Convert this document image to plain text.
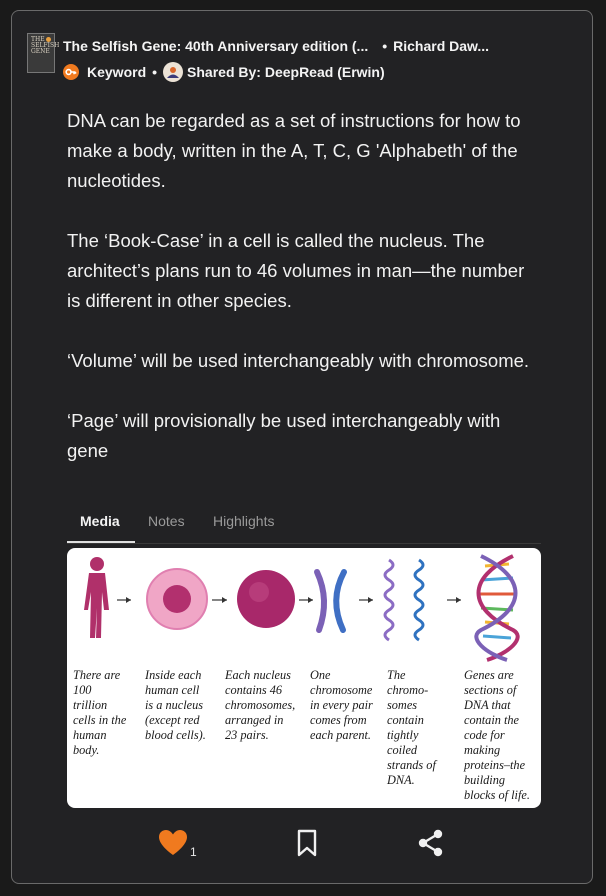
THE SELFISH GENE The Selfish Gene: 40th Anniversary edition (... • Richard Daw...
Keyword • Shared By: DeepRead (Erwin)

DNA can be regarded as a set of instructions for how to make a body, written in the A, T, C, G 'Alphabeth' of the nucleotides.

The ‘Book-Case’ in a cell is called the nucleus. The architect’s plans run to 46 volumes in man—the number is different in other species.

‘Volume’ will be used interchangeably with chromosome.

‘Page’ will provisionally be used interchangeably with gene

Media Notes Highlights
There are
100
trillion
cells in the
human
body.
Inside each
human cell
is a nucleus
(except red
blood cells).
Each nucleus
contains 46
chromosomes,
arranged in
23 pairs.
One
chromosome
in every pair
comes from
each parent.
The
chromo-
somes
contain
tightly
coiled
strands of
DNA.
Genes are
sections of
DNA that
contain the
code for
making
proteins–the
building
blocks of life.
1
